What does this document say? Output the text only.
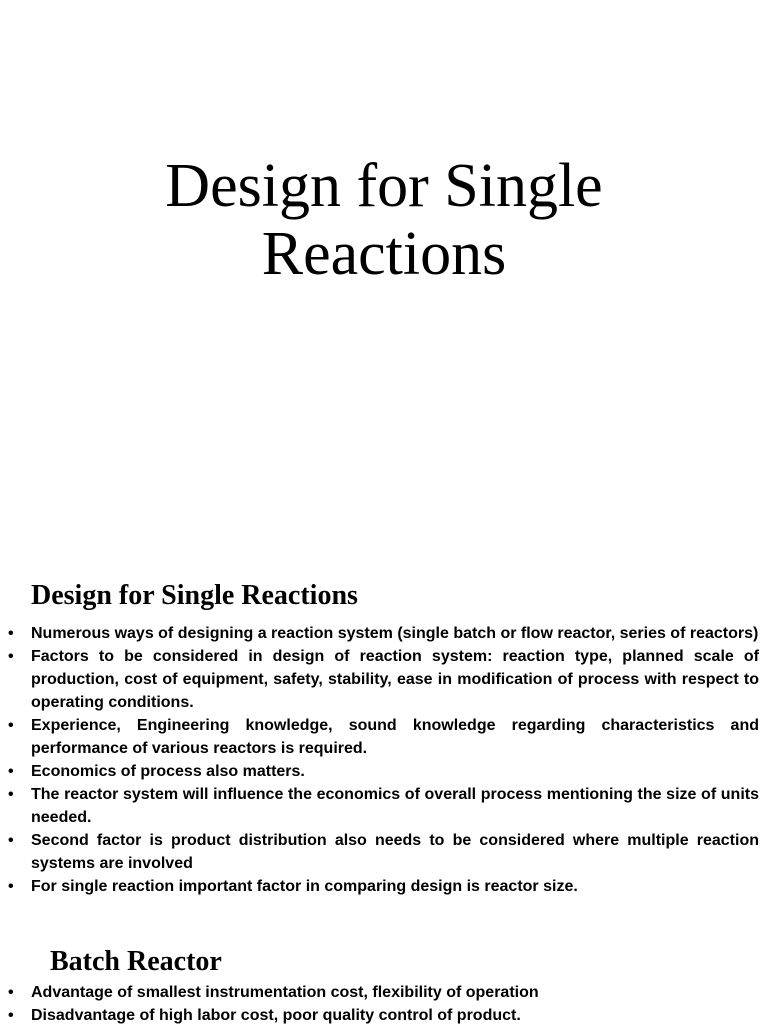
Design for Single
Reactions
Design for Single Reactions
• Numerous ways of designing a reaction system (single batch or flow reactor, series of reactors)
• Factors to be considered in design of reaction system: reaction type, planned scale of production, cost of equipment, safety, stability, ease in modification of process with respect to operating conditions.
• Experience, Engineering knowledge, sound knowledge regarding characteristics and performance of various reactors is required.
• Economics of process also matters.
• The reactor system will influence the economics of overall process mentioning the size of units needed.
• Second factor is product distribution also needs to be considered where multiple reaction systems are involved
• For single reaction important factor in comparing design is reactor size.
Batch Reactor
• Advantage of smallest instrumentation cost, flexibility of operation
• Disadvantage of high labor cost, poor quality control of product.
